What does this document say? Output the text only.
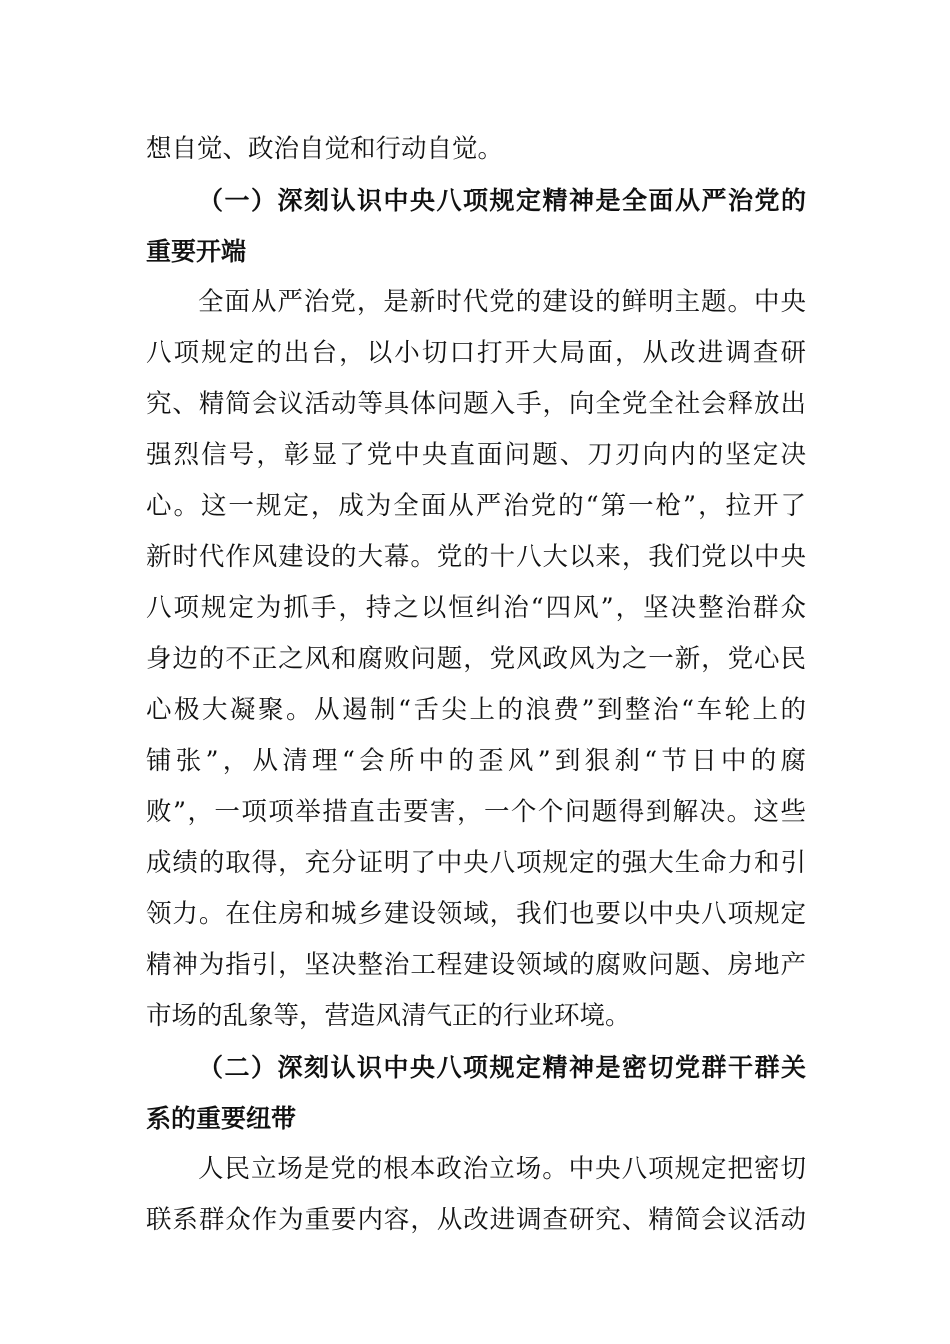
想自觉、政治自觉和行动自觉。
（一）深刻认识中央八项规定精神是全面从严治党的
重要开端
全面从严治党，是新时代党的建设的鲜明主题。中央
八项规定的出台，以小切口打开大局面，从改进调查研
究、精简会议活动等具体问题入手，向全党全社会释放出
强烈信号，彰显了党中央直面问题、刀刃向内的坚定决
心。这一规定，成为全面从严治党的“第一枪”，拉开了
新时代作风建设的大幕。党的十八大以来，我们党以中央
八项规定为抓手，持之以恒纠治“四风”，坚决整治群众
身边的不正之风和腐败问题，党风政风为之一新，党心民
心极大凝聚。从遏制“舌尖上的浪费”到整治“车轮上的
铺张”，从清理“会所中的歪风”到狠刹“节日中的腐
败”，一项项举措直击要害，一个个问题得到解决。这些
成绩的取得，充分证明了中央八项规定的强大生命力和引
领力。在住房和城乡建设领域，我们也要以中央八项规定
精神为指引，坚决整治工程建设领域的腐败问题、房地产
市场的乱象等，营造风清气正的行业环境。
（二）深刻认识中央八项规定精神是密切党群干群关
系的重要纽带
人民立场是党的根本政治立场。中央八项规定把密切
联系群众作为重要内容，从改进调查研究、精简会议活动
